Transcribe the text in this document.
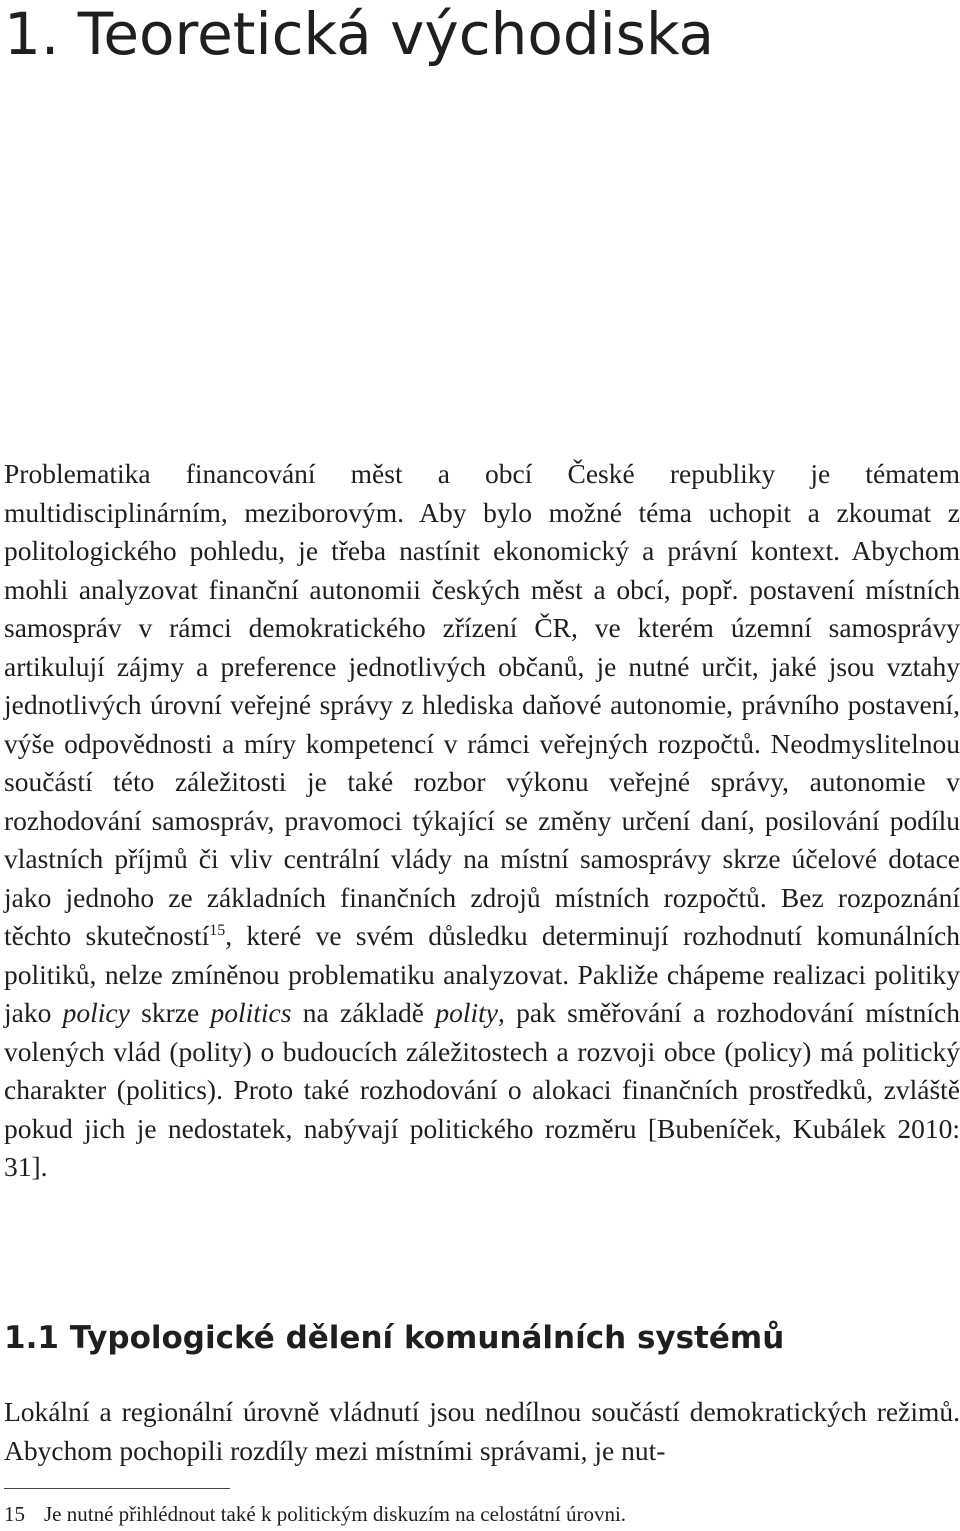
1. Teoretická východiska

Problematika financování měst a obcí České republiky je tématem multidisciplinárním, meziborovým. Aby bylo možné téma uchopit a zkoumat z politologického pohledu, je třeba nastínit ekonomický a právní kontext. Abychom mohli analyzovat finanční autonomii českých měst a obcí, popř. postavení místních samospráv v rámci demokratického zřízení ČR, ve kterém územní samosprávy artikulují zájmy a preference jednotlivých občanů, je nutné určit, jaké jsou vztahy jednotlivých úrovní veřejné správy z hlediska daňové autonomie, právního postavení, výše odpovědnosti a míry kompetencí v rámci veřejných rozpočtů. Neodmyslitelnou součástí této záležitosti je také rozbor výkonu veřejné správy, autonomie v rozhodování samospráv, pravomoci týkající se změny určení daní, posilování podílu vlastních příjmů či vliv centrální vlády na místní samosprávy skrze účelové dotace jako jednoho ze základních finančních zdrojů místních rozpočtů. Bez rozpoznání těchto skutečností$^{15}$, které ve svém důsledku determinují rozhodnutí komunálních politiků, nelze zmíněnou problematiku analyzovat. Pakliže chápeme realizaci politiky jako policy skrze politics na základě polity, pak směřování a rozhodování místních volených vlád (polity) o budoucích záležitostech a rozvoji obce (policy) má politický charakter (politics). Proto také rozhodování o alokaci finančních prostředků, zvláště pokud jich je nedostatek, nabývají politického rozměru [Bubeníček, Kubálek 2010: 31].

1.1 Typologické dělení komunálních systémů

Lokální a regionální úrovně vládnutí jsou nedílnou součástí demokratických režimů. Abychom pochopili rozdíly mezi místními správami, je nut-

15 Je nutné přihlédnout také k politickým diskuzím na celostátní úrovni.
